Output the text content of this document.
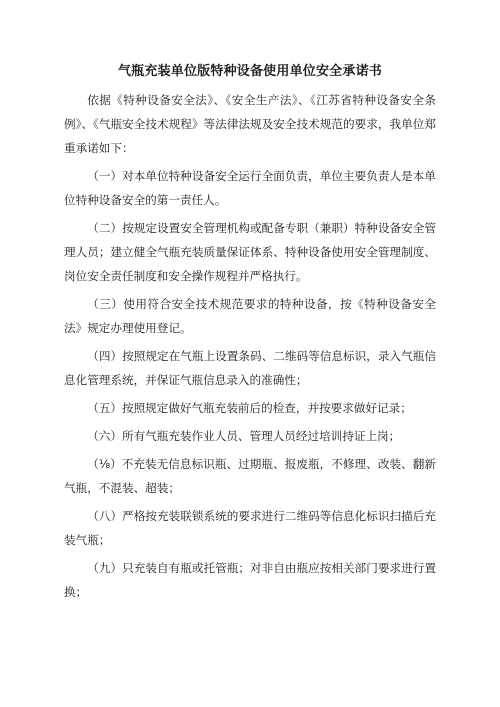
气瓶充装单位版特种设备使用单位安全承诺书

依据《特种设备安全法》、《安全生产法》、《江苏省特种设备安全条例》、《气瓶安全技术规程》等法律法规及安全技术规范的要求，我单位郑重承诺如下：

（一）对本单位特种设备安全运行全面负责，单位主要负责人是本单位特种设备安全的第一责任人。

（二）按规定设置安全管理机构或配备专职（兼职）特种设备安全管理人员；建立健全气瓶充装质量保证体系、特种设备使用安全管理制度、岗位安全责任制度和安全操作规程并严格执行。

（三）使用符合安全技术规范要求的特种设备，按《特种设备安全法》规定办理使用登记。

（四）按照规定在气瓶上设置条码、二维码等信息标识，录入气瓶信息化管理系统，并保证气瓶信息录入的准确性；

（五）按照规定做好气瓶充装前后的检查，并按要求做好记录；

（六）所有气瓶充装作业人员、管理人员经过培训持证上岗；

（⅛）不充装无信息标识瓶、过期瓶、报废瓶，不修理、改装、翻新气瓶，不混装、超装；

（八）严格按充装联锁系统的要求进行二维码等信息化标识扫描后充装气瓶；

（九）只充装自有瓶或托管瓶；对非自由瓶应按相关部门要求进行置换；
